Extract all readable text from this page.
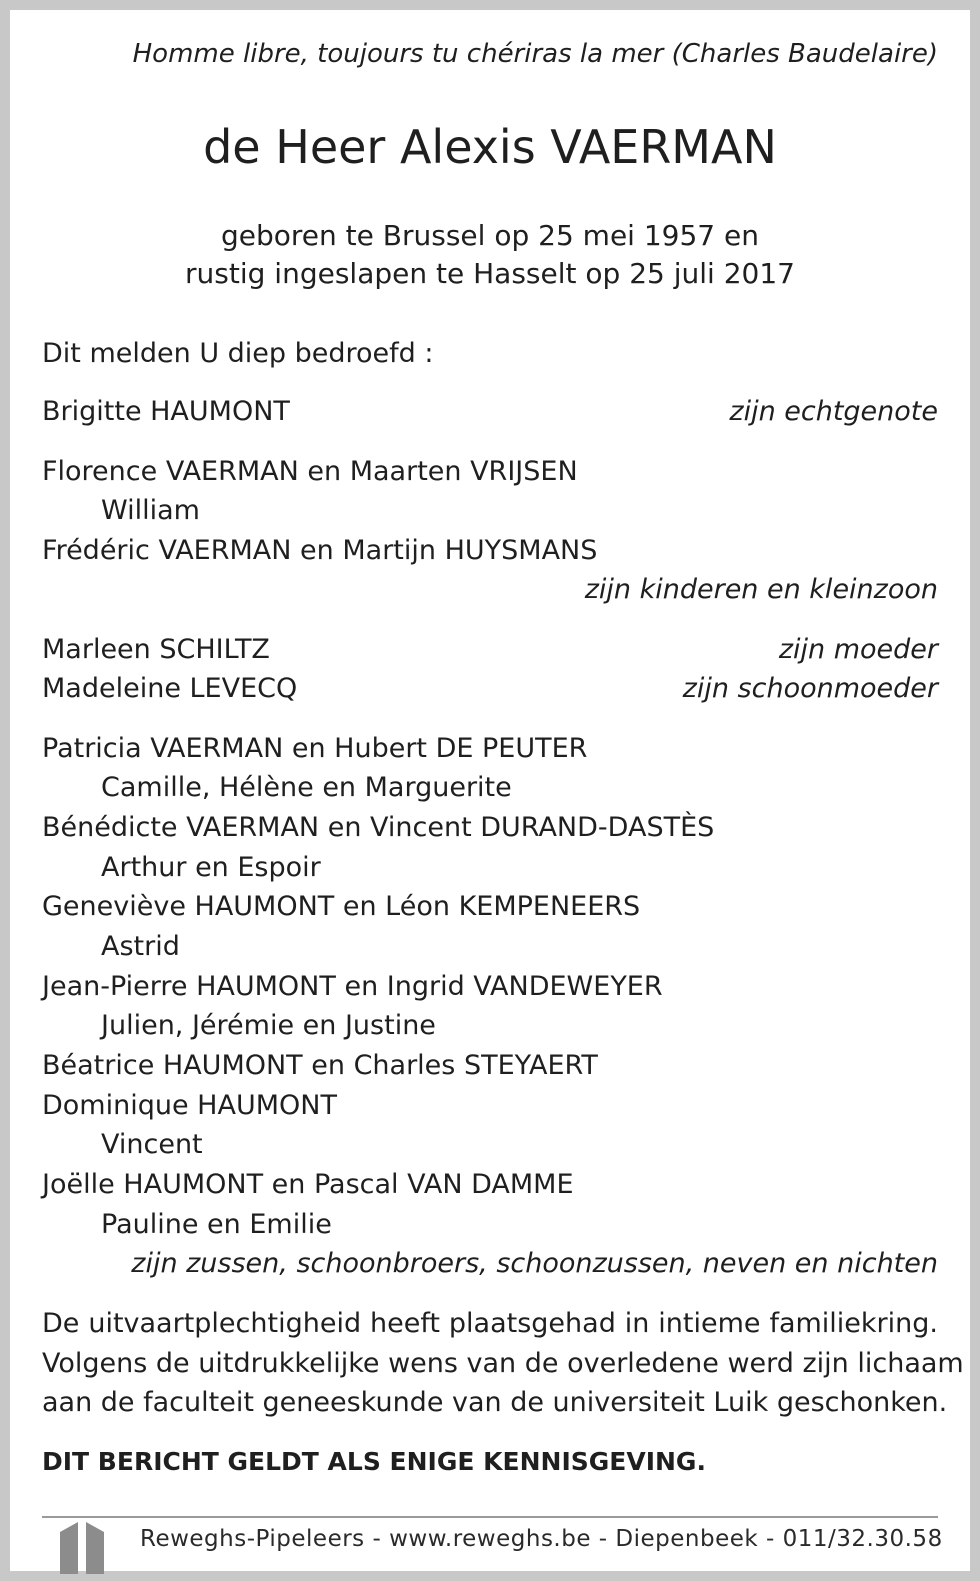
Homme libre, toujours tu chériras la mer (Charles Baudelaire)
de Heer Alexis VAERMAN
geboren te Brussel op 25 mei 1957 en
rustig ingeslapen te Hasselt op 25 juli 2017
Dit melden U diep bedroefd :
Brigitte HAUMONT	zijn echtgenote
Florence VAERMAN en Maarten VRIJSEN
William
Frédéric VAERMAN en Martijn HUYSMANS
zijn kinderen en kleinzoon
Marleen SCHILTZ	zijn moeder
Madeleine LEVECQ	zijn schoonmoeder
Patricia VAERMAN en Hubert DE PEUTER
Camille, Hélène en Marguerite
Bénédicte VAERMAN en Vincent DURAND-DASTÈS
Arthur en Espoir
Geneviève HAUMONT en Léon KEMPENEERS
Astrid
Jean-Pierre HAUMONT en Ingrid VANDEWEYER
Julien, Jérémie en Justine
Béatrice HAUMONT en Charles STEYAERT
Dominique HAUMONT
Vincent
Joëlle HAUMONT en Pascal VAN DAMME
Pauline en Emilie
zijn zussen, schoonbroers, schoonzussen, neven en nichten
De uitvaartplechtigheid heeft plaatsgehad in intieme familiekring.
Volgens de uitdrukkelijke wens van de overledene werd zijn lichaam
aan de faculteit geneeskunde van de universiteit Luik geschonken.
DIT BERICHT GELDT ALS ENIGE KENNISGEVING.
Reweghs-Pipeleers - www.reweghs.be - Diepenbeek - 011/32.30.58
